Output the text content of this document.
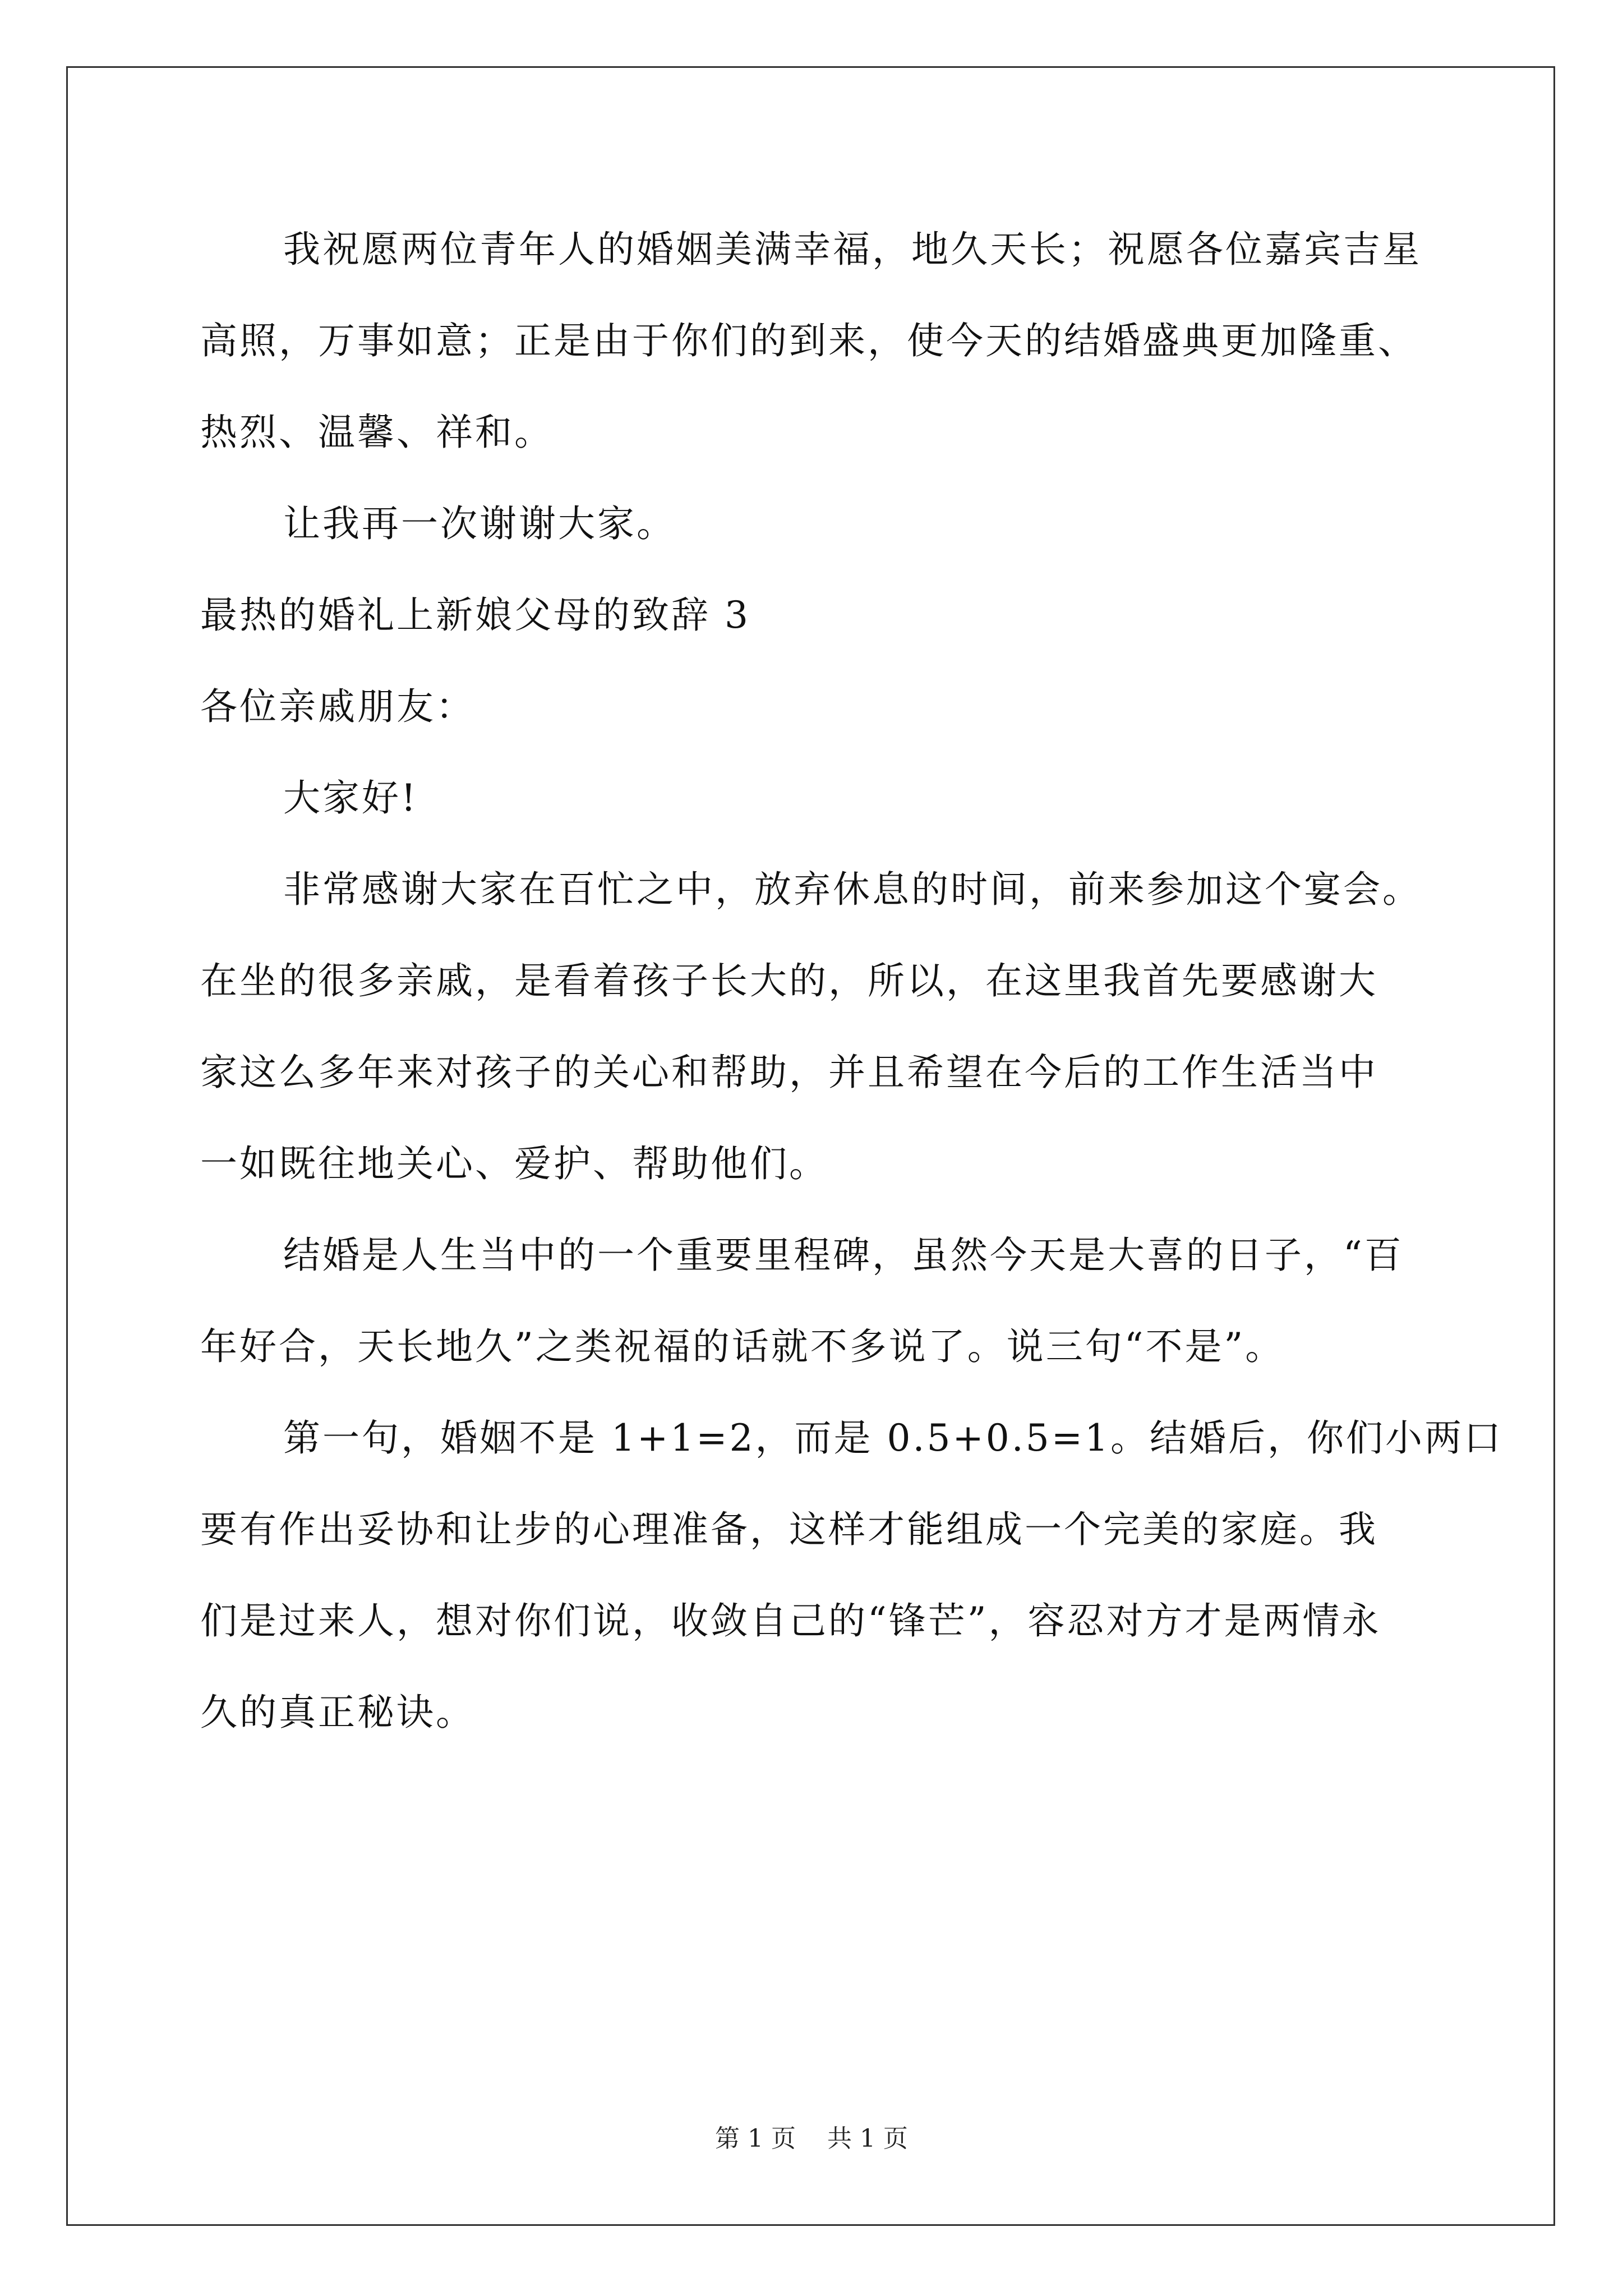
我祝愿两位青年人的婚姻美满幸福，地久天长；祝愿各位嘉宾吉星
高照，万事如意；正是由于你们的到来，使今天的结婚盛典更加隆重、
热烈、温馨、祥和。
让我再一次谢谢大家。
最热的婚礼上新娘父母的致辞 3
各位亲戚朋友：
大家好!
非常感谢大家在百忙之中，放弃休息的时间，前来参加这个宴会。
在坐的很多亲戚，是看着孩子长大的，所以，在这里我首先要感谢大
家这么多年来对孩子的关心和帮助，并且希望在今后的工作生活当中
一如既往地关心、爱护、帮助他们。
结婚是人生当中的一个重要里程碑，虽然今天是大喜的日子，“百
年好合，天长地久”之类祝福的话就不多说了。说三句“不是”。
第一句，婚姻不是 1+1=2，而是 0.5+0.5=1。结婚后，你们小两口
要有作出妥协和让步的心理准备，这样才能组成一个完美的家庭。我
们是过来人，想对你们说，收敛自己的“锋芒”，容忍对方才是两情永
久的真正秘诀。
第 1 页    共 1 页
